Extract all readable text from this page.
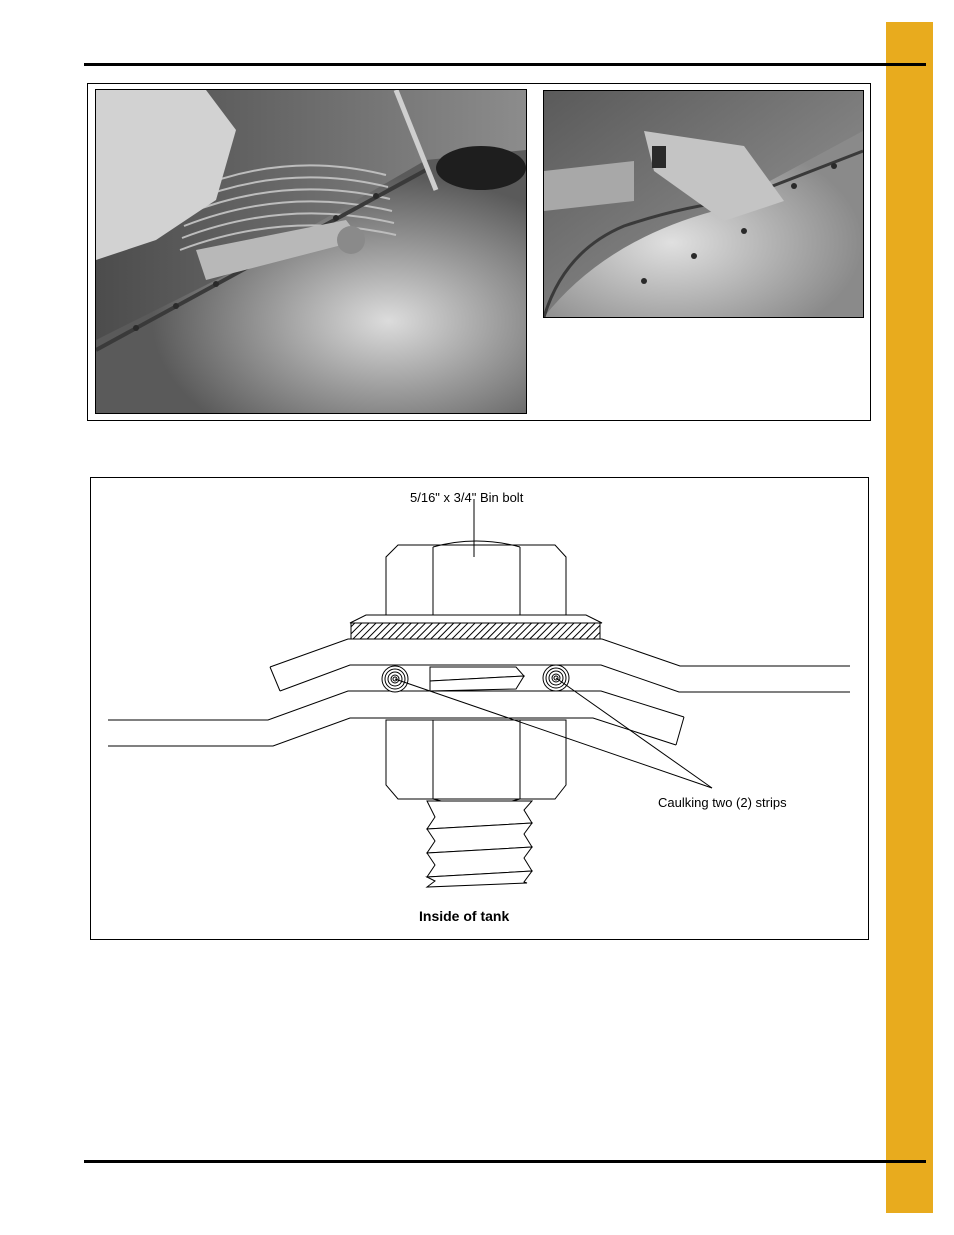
5/16" x 3/4" Bin bolt
Caulking two (2) strips
Inside of tank
